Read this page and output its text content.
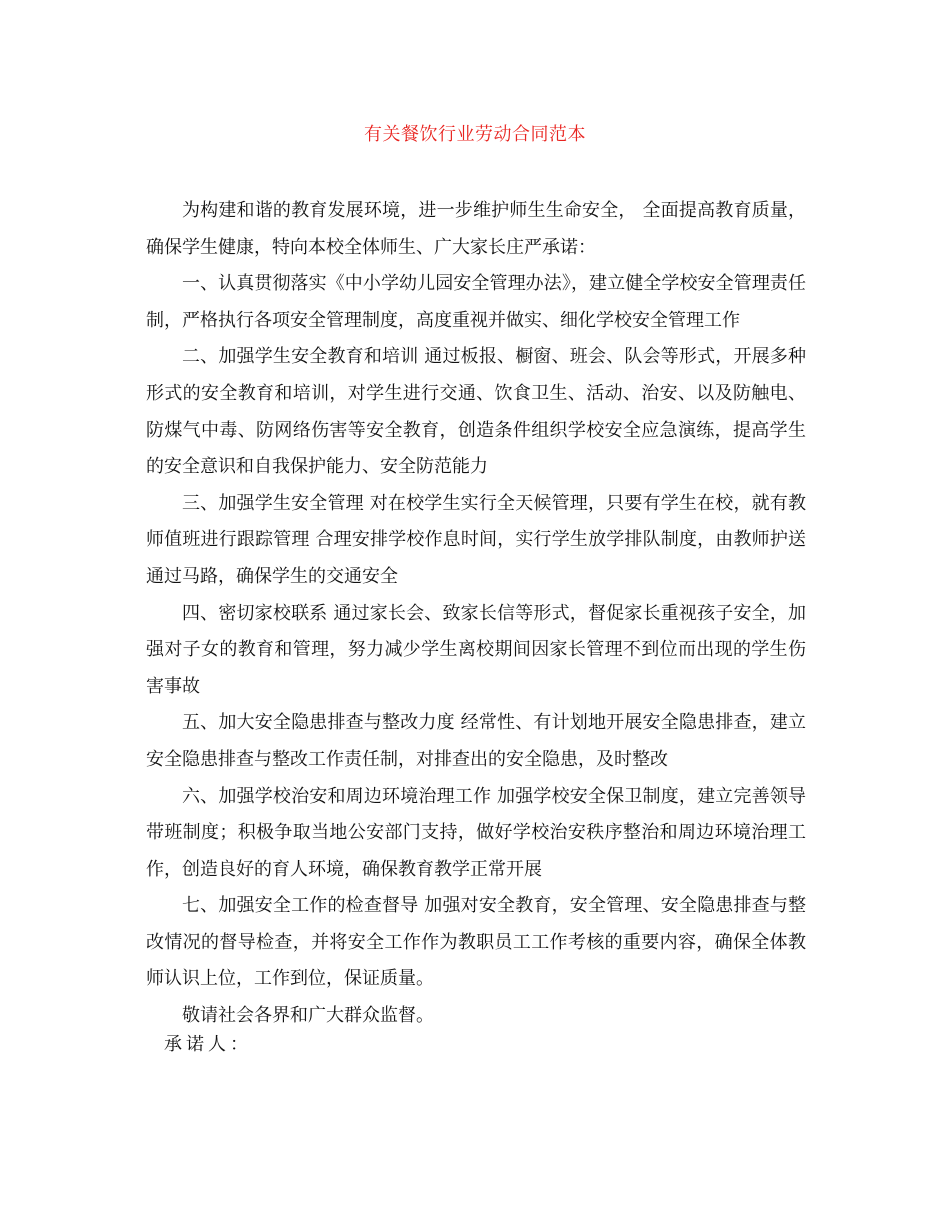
有关餐饮行业劳动合同范本

为构建和谐的教育发展环境，进一步维护师生生命安全， 全面提高教育质量，确保学生健康，特向本校全体师生、广大家长庄严承诺：

一、认真贯彻落实《中小学幼儿园安全管理办法》，建立健全学校安全管理责任制，严格执行各项安全管理制度，高度重视并做实、细化学校安全管理工作

二、加强学生安全教育和培训 通过板报、橱窗、班会、队会等形式，开展多种形式的安全教育和培训，对学生进行交通、饮食卫生、活动、治安、以及防触电、防煤气中毒、防网络伤害等安全教育，创造条件组织学校安全应急演练，提高学生的安全意识和自我保护能力、安全防范能力

三、加强学生安全管理 对在校学生实行全天候管理，只要有学生在校，就有教师值班进行跟踪管理 合理安排学校作息时间，实行学生放学排队制度，由教师护送通过马路，确保学生的交通安全

四、密切家校联系 通过家长会、致家长信等形式，督促家长重视孩子安全，加强对子女的教育和管理，努力减少学生离校期间因家长管理不到位而出现的学生伤害事故

五、加大安全隐患排查与整改力度 经常性、有计划地开展安全隐患排查，建立安全隐患排查与整改工作责任制，对排查出的安全隐患，及时整改

六、加强学校治安和周边环境治理工作 加强学校安全保卫制度，建立完善领导带班制度；积极争取当地公安部门支持，做好学校治安秩序整治和周边环境治理工作，创造良好的育人环境，确保教育教学正常开展

七、加强安全工作的检查督导 加强对安全教育，安全管理、安全隐患排查与整改情况的督导检查，并将安全工作作为教职员工工作考核的重要内容，确保全体教师认识上位，工作到位，保证质量。

敬请社会各界和广大群众监督。

承诺人：
